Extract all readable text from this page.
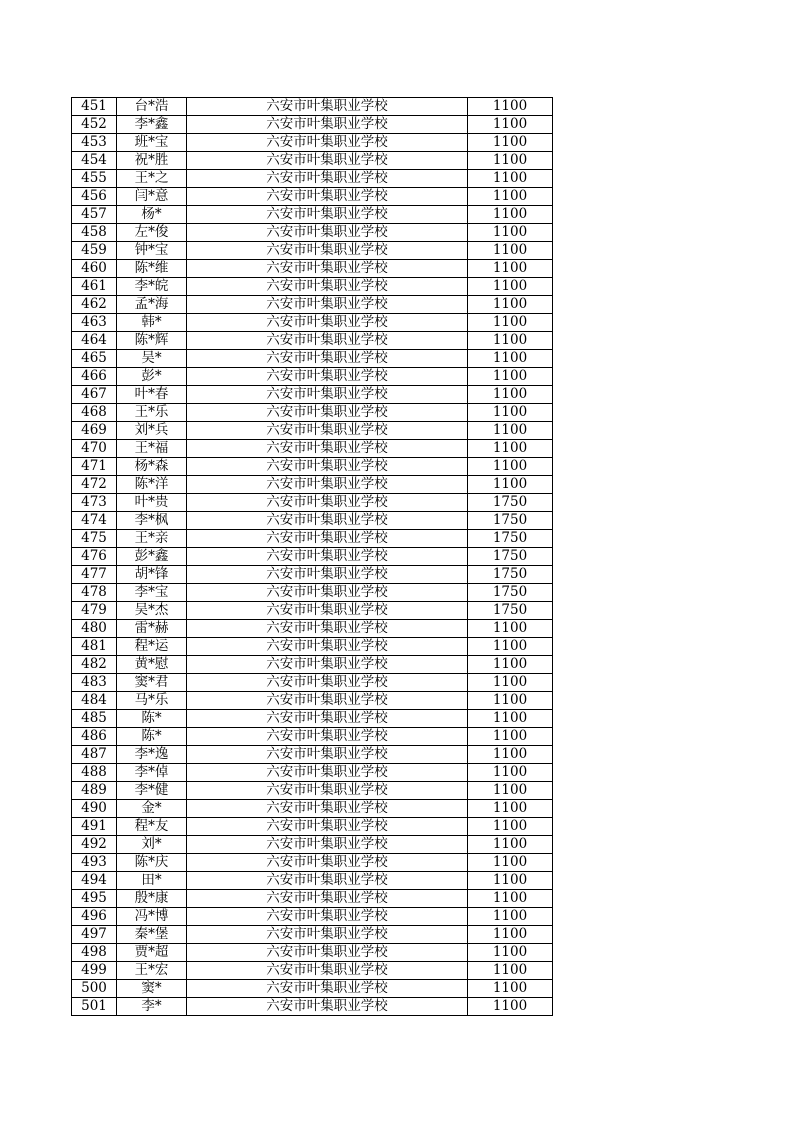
451	台*浩	六安市叶集职业学校	1100
452	李*鑫	六安市叶集职业学校	1100
453	班*宝	六安市叶集职业学校	1100
454	祝*胜	六安市叶集职业学校	1100
455	王*之	六安市叶集职业学校	1100
456	闫*意	六安市叶集职业学校	1100
457	杨*	六安市叶集职业学校	1100
458	左*俊	六安市叶集职业学校	1100
459	钟*宝	六安市叶集职业学校	1100
460	陈*维	六安市叶集职业学校	1100
461	李*皖	六安市叶集职业学校	1100
462	孟*海	六安市叶集职业学校	1100
463	韩*	六安市叶集职业学校	1100
464	陈*辉	六安市叶集职业学校	1100
465	吴*	六安市叶集职业学校	1100
466	彭*	六安市叶集职业学校	1100
467	叶*春	六安市叶集职业学校	1100
468	王*乐	六安市叶集职业学校	1100
469	刘*兵	六安市叶集职业学校	1100
470	王*福	六安市叶集职业学校	1100
471	杨*森	六安市叶集职业学校	1100
472	陈*洋	六安市叶集职业学校	1100
473	叶*贵	六安市叶集职业学校	1750
474	李*枫	六安市叶集职业学校	1750
475	王*亲	六安市叶集职业学校	1750
476	彭*鑫	六安市叶集职业学校	1750
477	胡*锋	六安市叶集职业学校	1750
478	李*宝	六安市叶集职业学校	1750
479	吴*杰	六安市叶集职业学校	1750
480	雷*赫	六安市叶集职业学校	1100
481	程*运	六安市叶集职业学校	1100
482	黄*慰	六安市叶集职业学校	1100
483	窦*君	六安市叶集职业学校	1100
484	马*乐	六安市叶集职业学校	1100
485	陈*	六安市叶集职业学校	1100
486	陈*	六安市叶集职业学校	1100
487	李*逸	六安市叶集职业学校	1100
488	李*倬	六安市叶集职业学校	1100
489	李*健	六安市叶集职业学校	1100
490	金*	六安市叶集职业学校	1100
491	程*友	六安市叶集职业学校	1100
492	刘*	六安市叶集职业学校	1100
493	陈*庆	六安市叶集职业学校	1100
494	田*	六安市叶集职业学校	1100
495	殷*康	六安市叶集职业学校	1100
496	冯*博	六安市叶集职业学校	1100
497	秦*堡	六安市叶集职业学校	1100
498	贾*超	六安市叶集职业学校	1100
499	王*宏	六安市叶集职业学校	1100
500	窦*	六安市叶集职业学校	1100
501	李*	六安市叶集职业学校	1100
